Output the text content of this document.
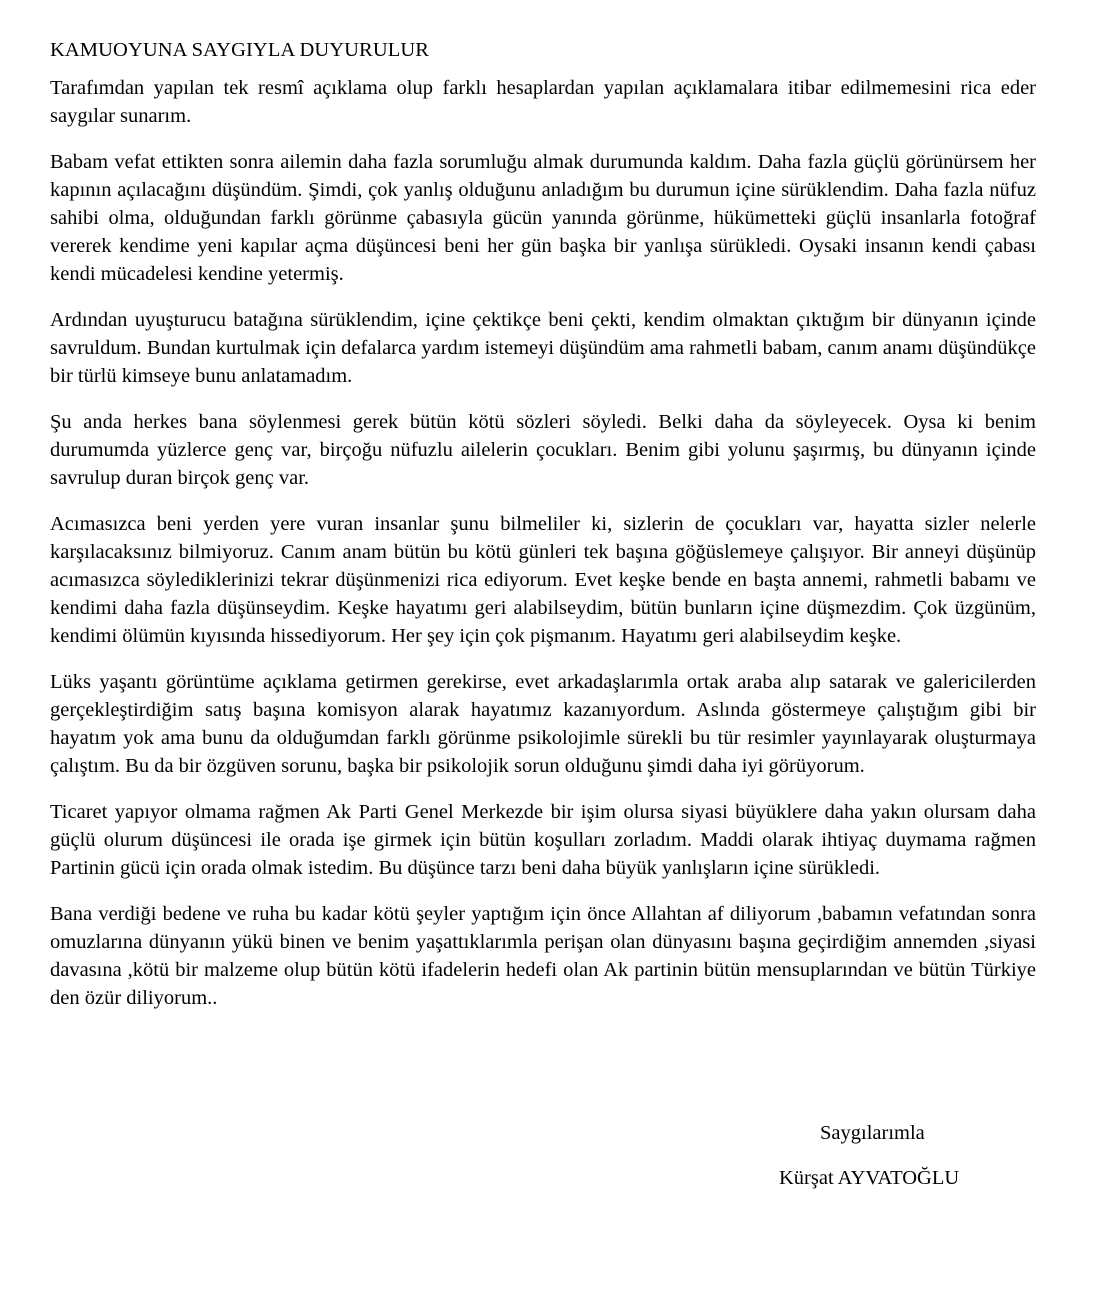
KAMUOYUNA SAYGIYLA DUYURULUR

Tarafımdan yapılan tek resmî açıklama olup farklı hesaplardan yapılan açıklamalara itibar edilmemesini rica eder saygılar sunarım.

Babam vefat ettikten sonra ailemin daha fazla sorumluğu almak durumunda kaldım. Daha fazla güçlü görünürsem her kapının açılacağını düşündüm. Şimdi, çok yanlış olduğunu anladığım bu durumun içine sürüklendim. Daha fazla nüfuz sahibi olma, olduğundan farklı görünme çabasıyla gücün yanında görünme, hükümetteki güçlü insanlarla fotoğraf vererek kendime yeni kapılar açma düşüncesi beni her gün başka bir yanlışa sürükledi. Oysaki insanın kendi çabası kendi mücadelesi kendine yetermiş.

Ardından uyuşturucu batağına sürüklendim, içine çektikçe beni çekti, kendim olmaktan çıktığım bir dünyanın içinde savruldum. Bundan kurtulmak için defalarca yardım istemeyi düşündüm ama rahmetli babam, canım anamı düşündükçe bir türlü kimseye bunu anlatamadım.

Şu anda herkes bana söylenmesi gerek bütün kötü sözleri söyledi. Belki daha da söyleyecek. Oysa ki benim durumumda yüzlerce genç var, birçoğu nüfuzlu ailelerin çocukları. Benim gibi yolunu şaşırmış, bu dünyanın içinde savrulup duran birçok genç var.

Acımasızca beni yerden yere vuran insanlar şunu bilmeliler ki, sizlerin de çocukları var, hayatta sizler nelerle karşılacaksınız bilmiyoruz. Canım anam bütün bu kötü günleri tek başına göğüslemeye çalışıyor. Bir anneyi düşünüp acımasızca söylediklerinizi tekrar düşünmenizi rica ediyorum. Evet keşke bende en başta annemi, rahmetli babamı ve kendimi daha fazla düşünseydim. Keşke hayatımı geri alabilseydim, bütün bunların içine düşmezdim. Çok üzgünüm, kendimi ölümün kıyısında hissediyorum. Her şey için çok pişmanım. Hayatımı geri alabilseydim keşke.

Lüks yaşantı görüntüme açıklama getirmen gerekirse, evet arkadaşlarımla ortak araba alıp satarak ve galericilerden gerçekleştirdiğim satış başına komisyon alarak hayatımız kazanıyordum. Aslında göstermeye çalıştığım gibi bir hayatım yok ama bunu da olduğumdan farklı görünme psikolojimle sürekli bu tür resimler yayınlayarak oluşturmaya çalıştım. Bu da bir özgüven sorunu, başka bir psikolojik sorun olduğunu şimdi daha iyi görüyorum.

Ticaret yapıyor olmama rağmen Ak Parti Genel Merkezde bir işim olursa siyasi büyüklere daha yakın olursam daha güçlü olurum düşüncesi ile orada işe girmek için bütün koşulları zorladım. Maddi olarak ihtiyaç duymama rağmen Partinin gücü için orada olmak istedim. Bu düşünce tarzı beni daha büyük yanlışların içine sürükledi.

Bana verdiği bedene ve ruha bu kadar kötü şeyler yaptığım için önce Allahtan af diliyorum ,babamın vefatından sonra omuzlarına dünyanın yükü binen ve benim yaşattıklarımla perişan olan dünyasını başına geçirdiğim annemden ,siyasi davasına ,kötü bir malzeme olup bütün kötü ifadelerin hedefi olan Ak partinin bütün mensuplarından ve bütün Türkiye den özür diliyorum..

Saygılarımla
Kürşat AYVATOĞLU
